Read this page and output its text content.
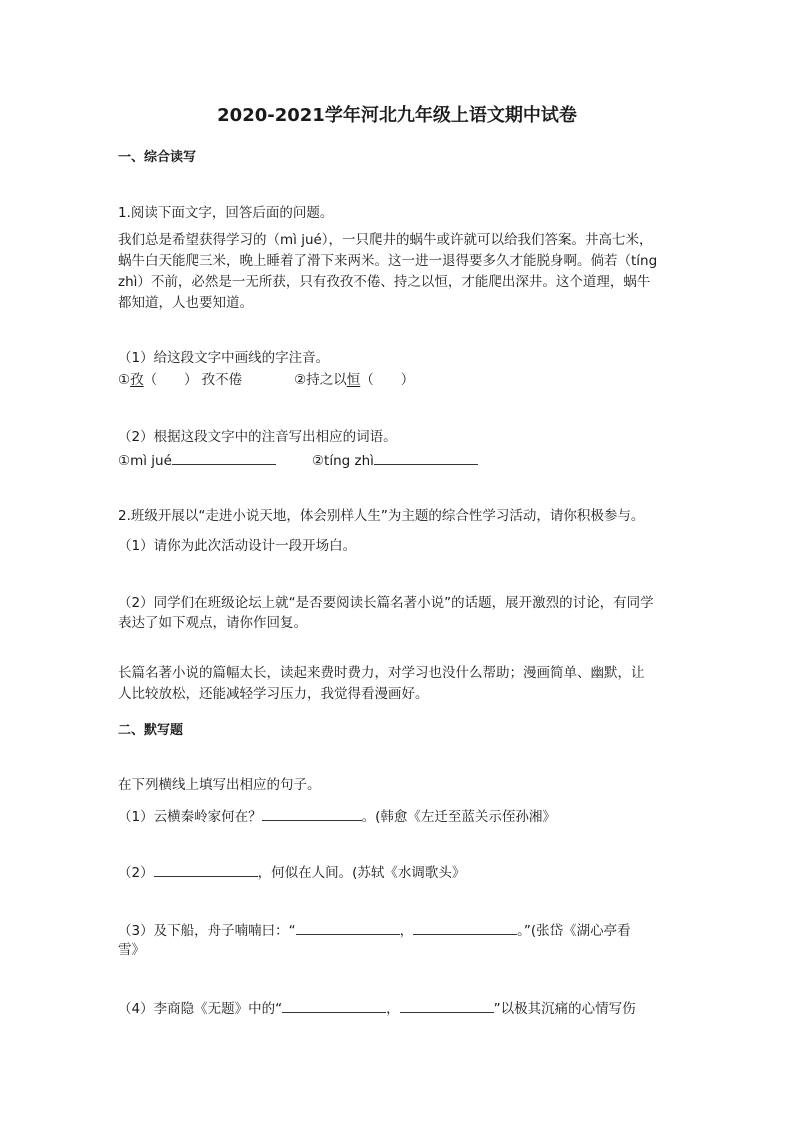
2020-2021学年河北九年级上语文期中试卷
一、综合读写
1.阅读下面文字，回答后面的问题。
我们总是希望获得学习的（mì jué），一只爬井的蜗牛或许就可以给我们答案。井高七米，
蜗牛白天能爬三米，晚上睡着了滑下来两米。这一进一退得要多久才能脱身啊。倘若（tíng
zhì）不前，必然是一无所获，只有孜孜不倦、持之以恒，才能爬出深井。这个道理，蜗牛
都知道，人也要知道。
（1）给这段文字中画线的字注音。
①孜（　　） 孜不倦	②持之以恒（　　）
（2）根据这段文字中的注音写出相应的词语。
①mì jué	②tíng zhì
2.班级开展以“走进小说天地，体会别样人生”为主题的综合性学习活动，请你积极参与。
（1）请你为此次活动设计一段开场白。
（2）同学们在班级论坛上就“是否要阅读长篇名著小说”的话题，展开激烈的讨论，有同学
表达了如下观点，请你作回复。
长篇名著小说的篇幅太长，读起来费时费力，对学习也没什么帮助；漫画简单、幽默，让
人比较放松，还能减轻学习压力，我觉得看漫画好。
二、默写题
在下列横线上填写出相应的句子。
（1）云横秦岭家何在？	。(韩愈《左迁至蓝关示侄孙湘》
（2）	，何似在人间。(苏轼《水调歌头》
（3）及下船，舟子喃喃曰：“	，	。”(张岱《湖心亭看
雪》
（4）李商隐《无题》中的“	，	”以极其沉痛的心情写伤
